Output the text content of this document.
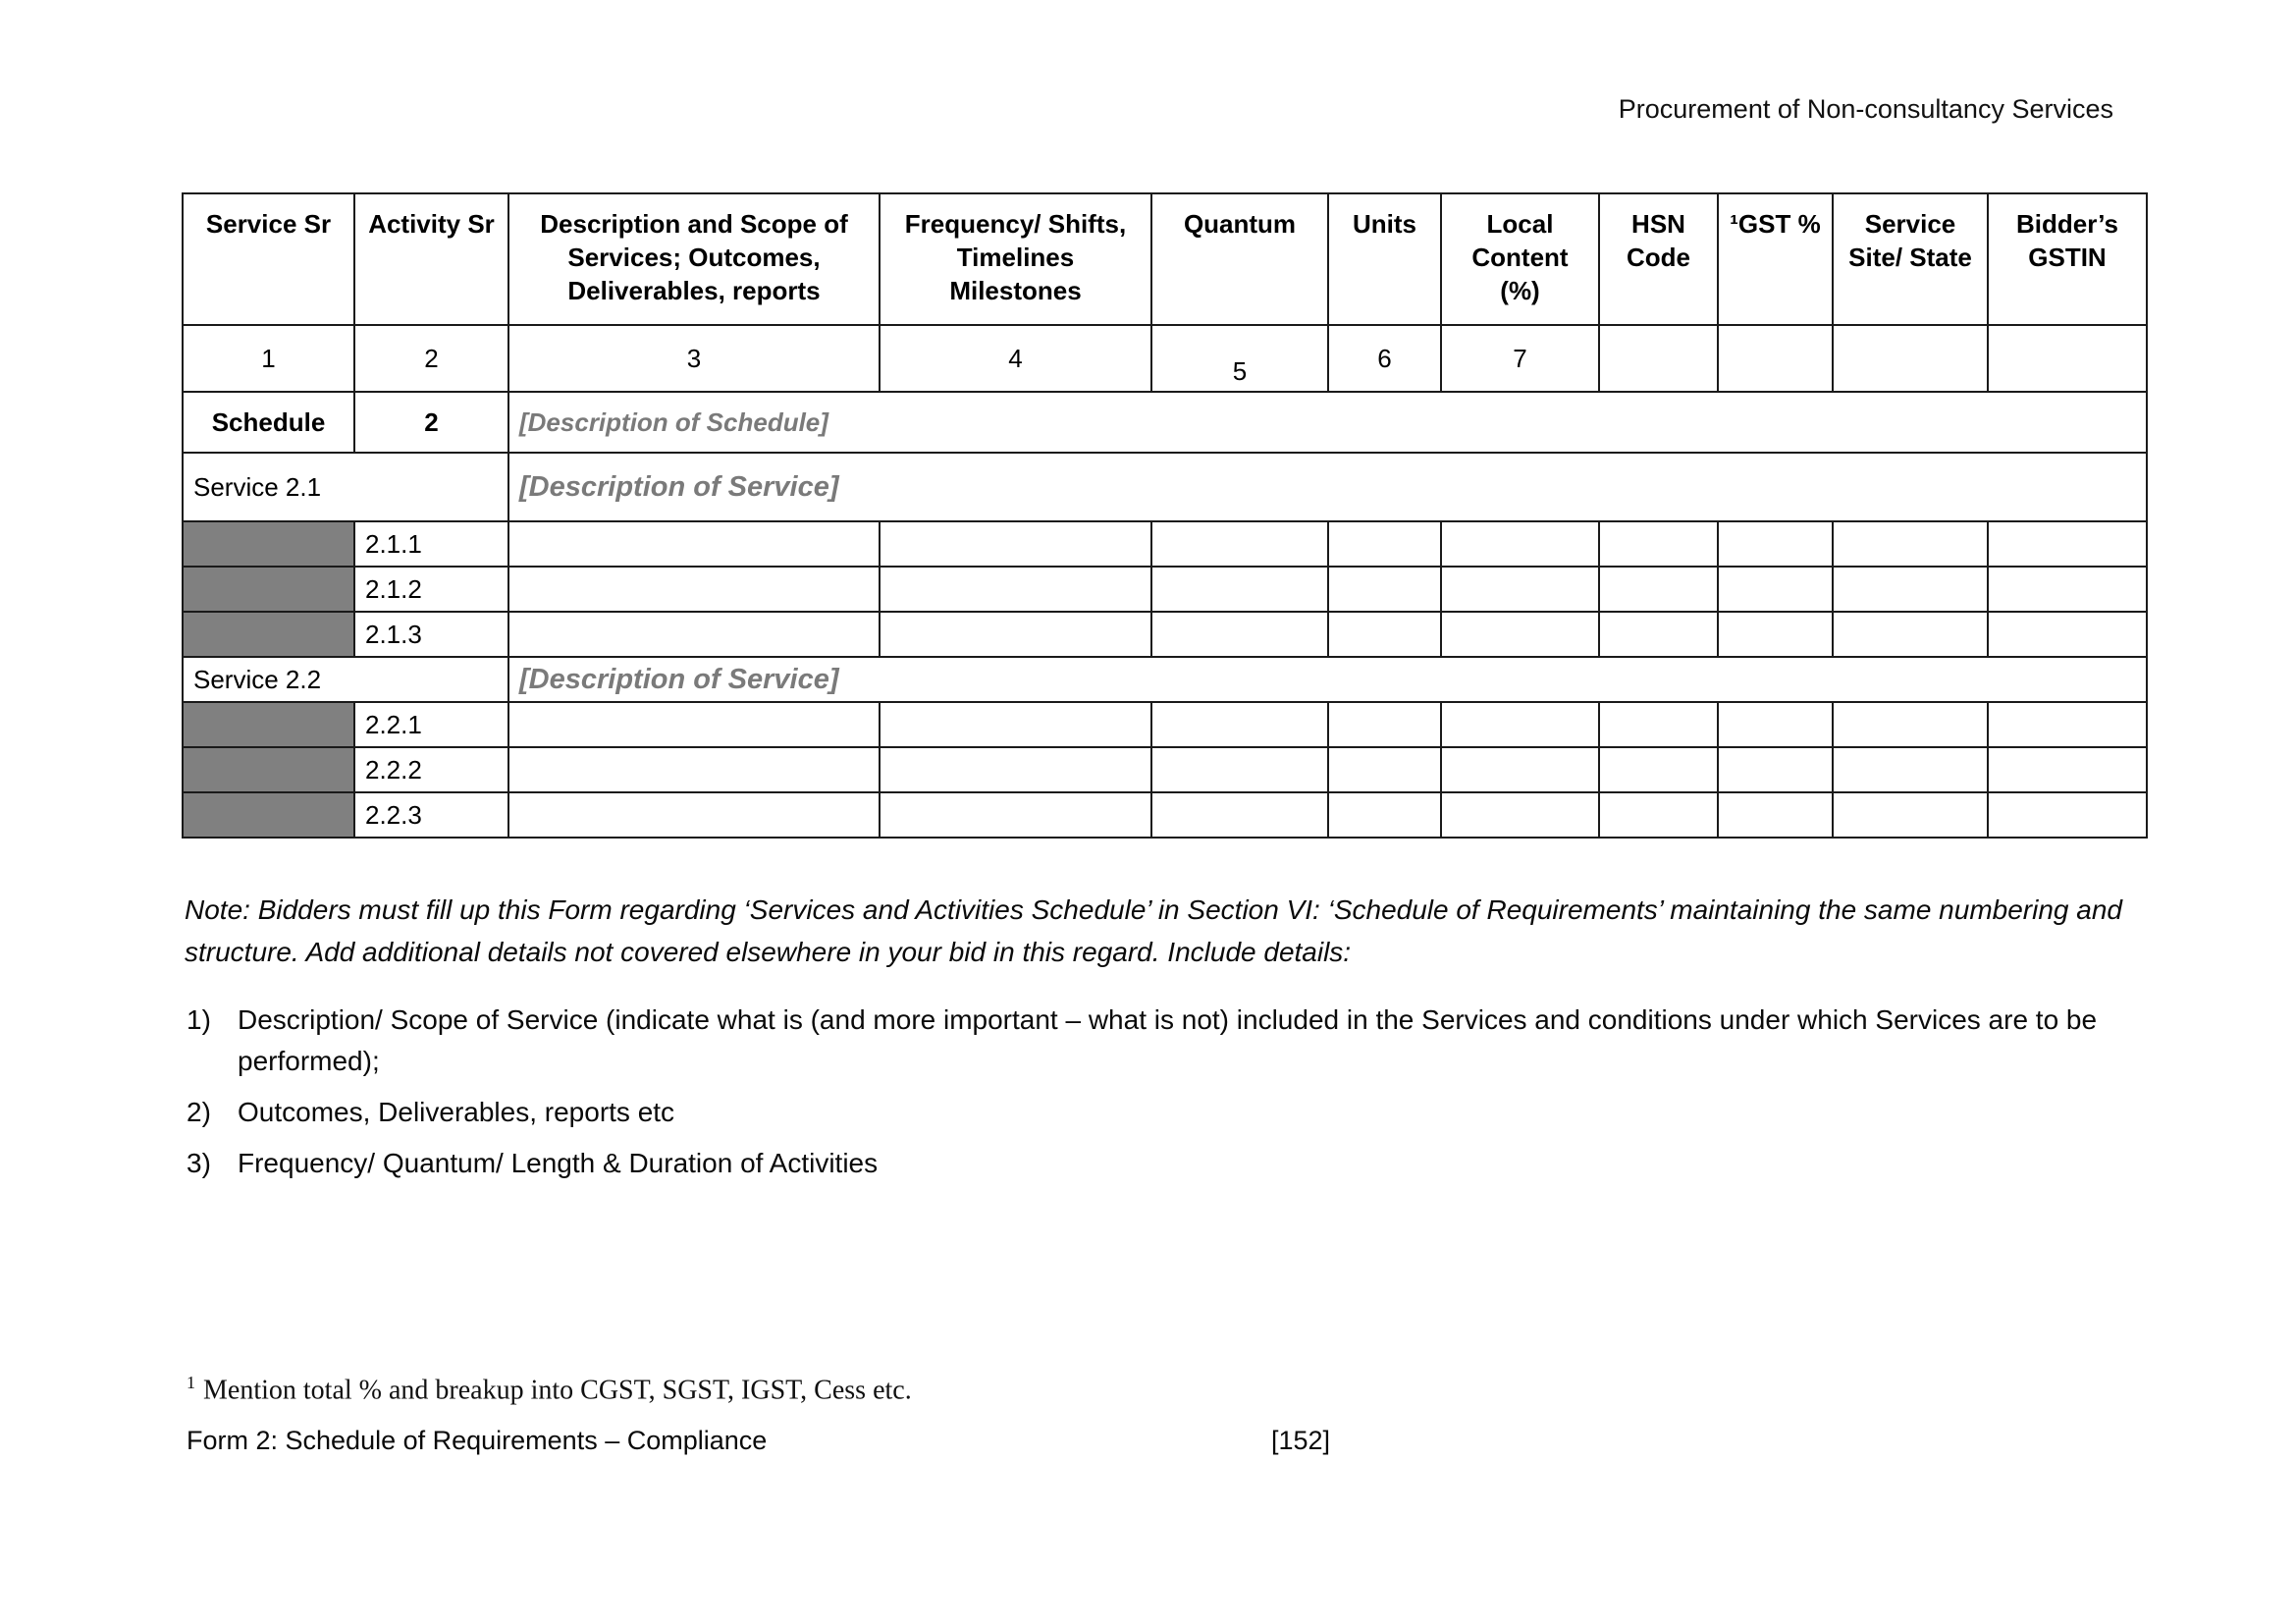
Procurement of Non-consultancy Services
Service Sr	Activity Sr	Description and Scope of Services; Outcomes, Deliverables, reports	Frequency/ Shifts, Timelines Milestones	Quantum	Units	Local Content (%)	HSN Code	¹GST %	Service Site/ State	Bidder’s GSTIN
1	2	3	4	5	6	7				
Schedule	2	[Description of Schedule]								
Service 2.1		[Description of Service]								
	2.1.1									
	2.1.2									
	2.1.3									
Service 2.2		[Description of Service]								
	2.2.1									
	2.2.2									
	2.2.3									
Note: Bidders must fill up this Form regarding ‘Services and Activities Schedule’ in Section VI: ‘Schedule of Requirements’ maintaining the same numbering and structure. Add additional details not covered elsewhere in your bid in this regard. Include details:
1) Description/ Scope of Service (indicate what is (and more important – what is not) included in the Services and conditions under which Services are to be performed);
2) Outcomes, Deliverables, reports etc
3) Frequency/ Quantum/ Length & Duration of Activities
$^1$ Mention total % and breakup into CGST, SGST, IGST, Cess etc.
Form 2: Schedule of Requirements – Compliance	[152]
